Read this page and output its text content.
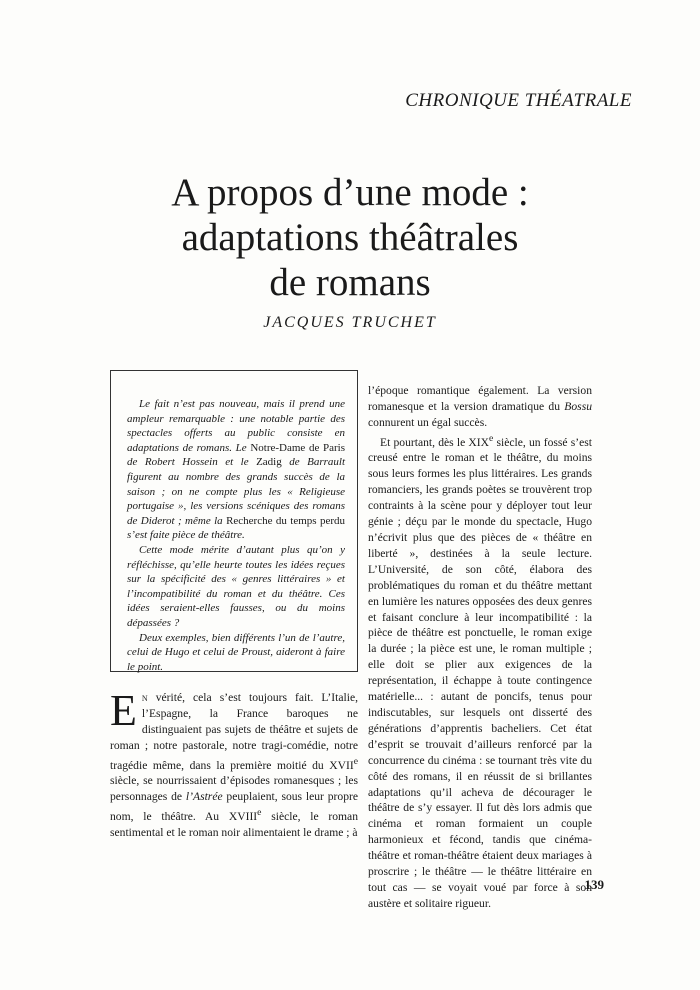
CHRONIQUE THÉATRALE
A propos d’une mode :
adaptations théâtrales
de romans
JACQUES TRUCHET

Le fait n’est pas nouveau, mais il prend une ampleur remarquable : une notable partie des spectacles offerts au public consiste en adaptations de romans. Le Notre-Dame de Paris de Robert Hossein et le Zadig de Barrault figurent au nombre des grands succès de la saison ; on ne compte plus les « Religieuse portugaise », les versions scéniques des romans de Diderot ; même la Recherche du temps perdu s’est faite pièce de théâtre.

Cette mode mérite d’autant plus qu’on y réfléchisse, qu’elle heurte toutes les idées reçues sur la spécificité des « genres littéraires » et l’incompatibilité du roman et du théâtre. Ces idées seraient-elles fausses, ou du moins dépassées ?

Deux exemples, bien différents l’un de l’autre, celui de Hugo et celui de Proust, aideront à faire le point.

En vérité, cela s’est toujours fait. L’Italie, l’Espagne, la France baroques ne distinguaient pas sujets de théâtre et sujets de roman ; notre pastorale, notre tragi-comédie, notre tragédie même, dans la première moitié du XVIIe siècle, se nourrissaient d’épisodes romanesques ; les personnages de l’Astrée peuplaient, sous leur propre nom, le théâtre. Au XVIIIe siècle, le roman sentimental et le roman noir alimentaient le drame ; à

l’époque romantique également. La version romanesque et la version dramatique du Bossu connurent un égal succès.

Et pourtant, dès le XIXe siècle, un fossé s’est creusé entre le roman et le théâtre, du moins sous leurs formes les plus littéraires. Les grands romanciers, les grands poètes se trouvèrent trop contraints à la scène pour y déployer tout leur génie ; déçu par le monde du spectacle, Hugo n’écrivit plus que des pièces de « théâtre en liberté », destinées à la seule lecture. L’Université, de son côté, élabora des problématiques du roman et du théâtre mettant en lumière les natures opposées des deux genres et faisant conclure à leur incompatibilité : la pièce de théâtre est ponctuelle, le roman exige la durée ; la pièce est une, le roman multiple ; elle doit se plier aux exigences de la représentation, il échappe à toute contingence matérielle... : autant de poncifs, tenus pour indiscutables, sur lesquels ont disserté des générations d’apprentis bacheliers. Cet état d’esprit se trouvait d’ailleurs renforcé par la concurrence du cinéma : se tournant très vite du côté des romans, il en réussit de si brillantes adaptations qu’il acheva de décourager le théâtre de s’y essayer. Il fut dès lors admis que cinéma et roman formaient un couple harmonieux et fécond, tandis que cinéma-théâtre et roman-théâtre étaient deux mariages à proscrire ; le théâtre — le théâtre littéraire en tout cas — se voyait voué par force à son austère et solitaire rigueur.

139
